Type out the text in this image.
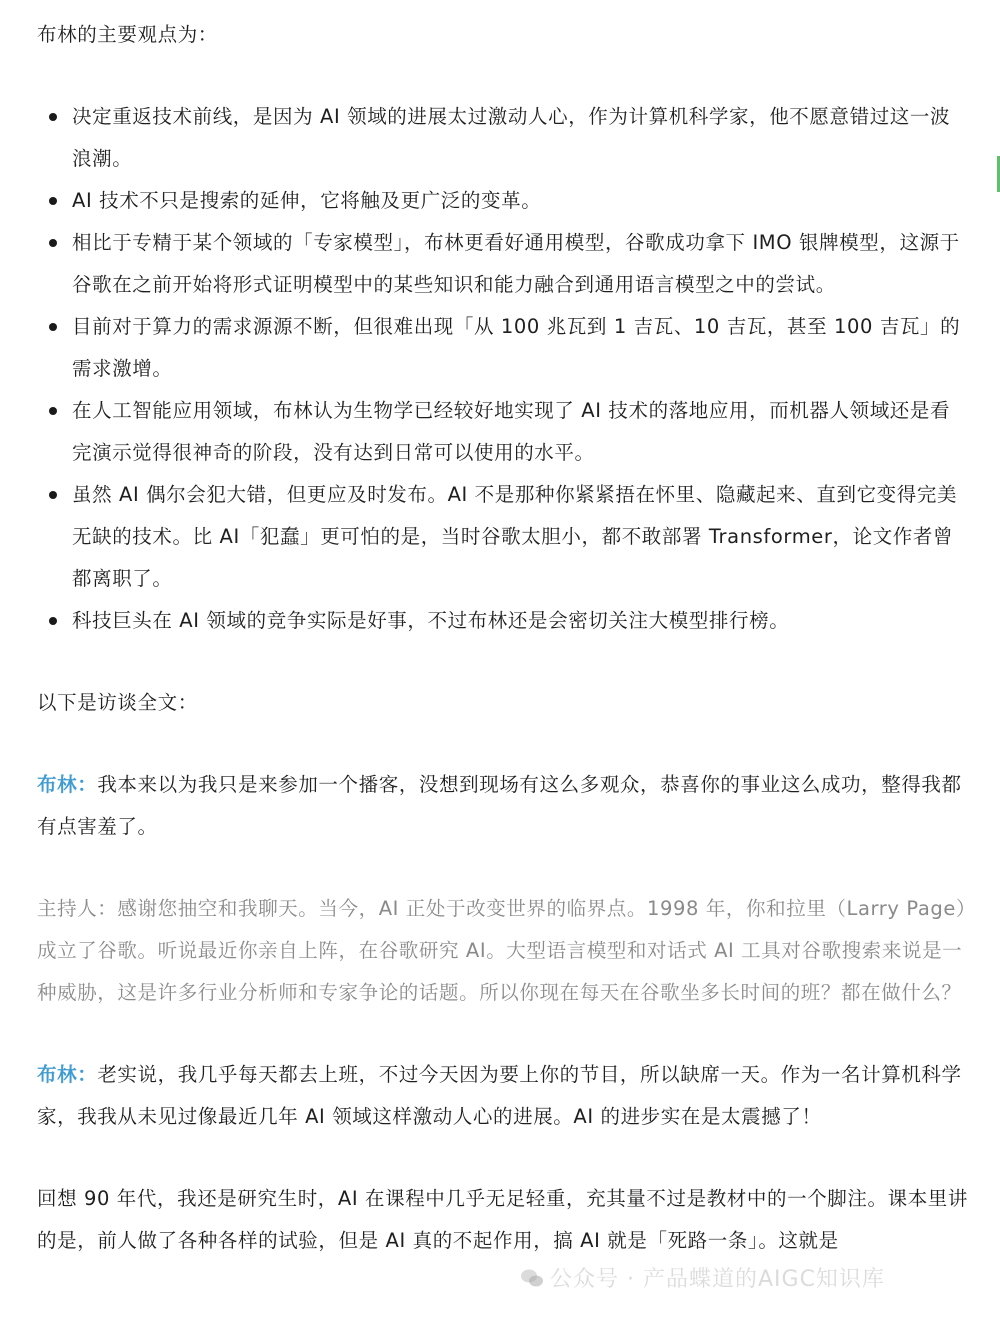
布林的主要观点为：

决定重返技术前线，是因为 AI 领域的进展太过激动人心，作为计算机科学家，他不愿意错过这一波浪潮。
AI 技术不只是搜索的延伸，它将触及更广泛的变革。
相比于专精于某个领域的「专家模型」，布林更看好通用模型，谷歌成功拿下 IMO 银牌模型，这源于谷歌在之前开始将形式证明模型中的某些知识和能力融合到通用语言模型之中的尝试。
目前对于算力的需求源源不断，但很难出现「从 100 兆瓦到 1 吉瓦、10 吉瓦，甚至 100 吉瓦」的需求激增。
在人工智能应用领域，布林认为生物学已经较好地实现了 AI 技术的落地应用，而机器人领域还是看完演示觉得很神奇的阶段，没有达到日常可以使用的水平。
虽然 AI 偶尔会犯大错，但更应及时发布。AI 不是那种你紧紧捂在怀里、隐藏起来、直到它变得完美无缺的技术。比 AI「犯蠢」更可怕的是，当时谷歌太胆小，都不敢部署 Transformer，论文作者曾都离职了。
科技巨头在 AI 领域的竞争实际是好事，不过布林还是会密切关注大模型排行榜。

以下是访谈全文：

布林：我本来以为我只是来参加一个播客，没想到现场有这么多观众，恭喜你的事业这么成功，整得我都有点害羞了。

主持人：感谢您抽空和我聊天。当今，AI 正处于改变世界的临界点。1998 年，你和拉里（Larry Page）成立了谷歌。听说最近你亲自上阵，在谷歌研究 AI。大型语言模型和对话式 AI 工具对谷歌搜索来说是一种威胁，这是许多行业分析师和专家争论的话题。所以你现在每天在谷歌坐多长时间的班？都在做什么？

布林：老实说，我几乎每天都去上班，不过今天因为要上你的节目，所以缺席一天。作为一名计算机科学家，我我从未见过像最近几年 AI 领域这样激动人心的进展。AI 的进步实在是太震撼了！

回想 90 年代，我还是研究生时，AI 在课程中几乎无足轻重，充其量不过是教材中的一个脚注。课本里讲的是，前人做了各种各样的试验，但是 AI 真的不起作用，搞 AI 就是「死路一条」。这就是

公众号 · 产品蝶道的AIGC知识库
